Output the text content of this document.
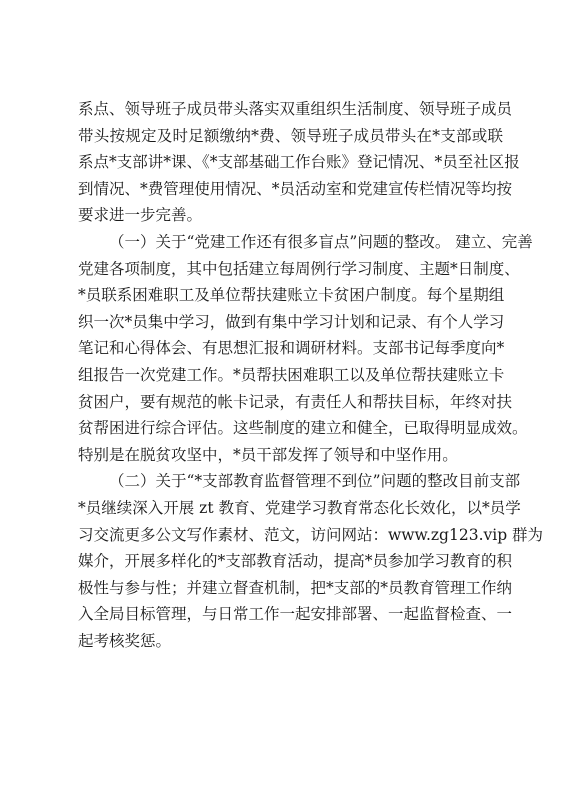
系点、领导班子成员带头落实双重组织生活制度、领导班子成员
带头按规定及时足额缴纳*费、领导班子成员带头在*支部或联
系点*支部讲*课、《*支部基础工作台账》登记情况、*员至社区报
到情况、*费管理使用情况、*员活动室和党建宣传栏情况等均按
要求进一步完善。
（一）关于“党建工作还有很多盲点”问题的整改。 建立、完善
党建各项制度，其中包括建立每周例行学习制度、主题*日制度、
*员联系困难职工及单位帮扶建账立卡贫困户制度。每个星期组
织一次*员集中学习，做到有集中学习计划和记录、有个人学习
笔记和心得体会、有思想汇报和调研材料。支部书记每季度向*
组报告一次党建工作。*员帮扶困难职工以及单位帮扶建账立卡
贫困户，要有规范的帐卡记录，有责任人和帮扶目标，年终对扶
贫帮困进行综合评估。这些制度的建立和健全，已取得明显成效。
特别是在脱贫攻坚中，*员干部发挥了领导和中坚作用。
（二）关于“*支部教育监督管理不到位”问题的整改目前支部
*员继续深入开展 zt 教育、党建学习教育常态化长效化，以*员学
习交流更多公文写作素材、范文，访问网站：www.zg123.vip 群为
媒介，开展多样化的*支部教育活动，提高*员参加学习教育的积
极性与参与性；并建立督查机制，把*支部的*员教育管理工作纳
入全局目标管理，与日常工作一起安排部署、一起监督检查、一
起考核奖惩。
